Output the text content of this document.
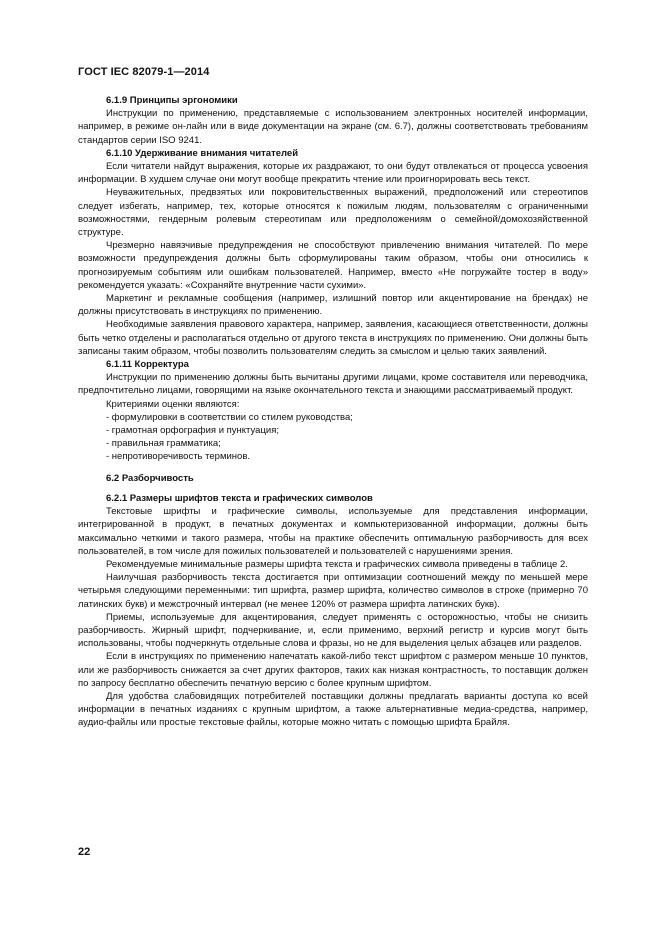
ГОСТ IEC 82079-1—2014

6.1.9 Принципы эргономики

Инструкции по применению, представляемые с использованием электронных носителей информации, например, в режиме он-лайн или в виде документации на экране (см. 6.7), должны соответствовать требованиям стандартов серии ISO 9241.

6.1.10 Удерживание внимания читателей

Если читатели найдут выражения, которые их раздражают, то они будут отвлекаться от процесса усвоения информации. В худшем случае они могут вообще прекратить чтение или проигнорировать весь текст.

Неуважительных, предвзятых или покровительственных выражений, предположений или стереотипов следует избегать, например, тех, которые относятся к пожилым людям, пользователям с ограниченными возможностями, гендерным ролевым стереотипам или предположениям о семейной/домохозяйственной структуре.

Чрезмерно навязчивые предупреждения не способствуют привлечению внимания читателей. По мере возможности предупреждения должны быть сформулированы таким образом, чтобы они относились к прогнозируемым событиям или ошибкам пользователей. Например, вместо «Не погружайте тостер в воду» рекомендуется указать: «Сохраняйте внутренние части сухими».

Маркетинг и рекламные сообщения (например, излишний повтор или акцентирование на брендах) не должны присутствовать в инструкциях по применению.

Необходимые заявления правового характера, например, заявления, касающиеся ответственности, должны быть четко отделены и располагаться отдельно от другого текста в инструкциях по применению. Они должны быть записаны таким образом, чтобы позволить пользователям следить за смыслом и целью таких заявлений.

6.1.11 Корректура

Инструкции по применению должны быть вычитаны другими лицами, кроме составителя или переводчика, предпочтительно лицами, говорящими на языке окончательного текста и знающими рассматриваемый продукт.

Критериями оценки являются:

- формулировки в соответствии со стилем руководства;

- грамотная орфография и пунктуация;

- правильная грамматика;

- непротиворечивость терминов.

6.2 Разборчивость

6.2.1 Размеры шрифтов текста и графических символов

Текстовые шрифты и графические символы, используемые для представления информации, интегрированной в продукт, в печатных документах и компьютеризованной информации, должны быть максимально четкими и такого размера, чтобы на практике обеспечить оптимальную разборчивость для всех пользователей, в том числе для пожилых пользователей и пользователей с нарушениями зрения.

Рекомендуемые минимальные размеры шрифта текста и графических символа приведены в таблице 2.

Наилучшая разборчивость текста достигается при оптимизации соотношений между по меньшей мере четырьмя следующими переменными: тип шрифта, размер шрифта, количество символов в строке (примерно 70 латинских букв) и межстрочный интервал (не менее 120% от размера шрифта латинских букв).

Приемы, используемые для акцентирования, следует применять с осторожностью, чтобы не снизить разборчивость. Жирный шрифт, подчеркивание, и, если применимо, верхний регистр и курсив могут быть использованы, чтобы подчеркнуть отдельные слова и фразы, но не для выделения целых абзацев или разделов.

Если в инструкциях по применению напечатать какой-либо текст шрифтом с размером меньше 10 пунктов, или же разборчивость снижается за счет других факторов, таких как низкая контрастность, то поставщик должен по запросу бесплатно обеспечить печатную версию с более крупным шрифтом.

Для удобства слабовидящих потребителей поставщики должны предлагать варианты доступа ко всей информации в печатных изданиях с крупным шрифтом, а также альтернативные медиа-средства, например, аудио-файлы или простые текстовые файлы, которые можно читать с помощью шрифта Брайля.

22
